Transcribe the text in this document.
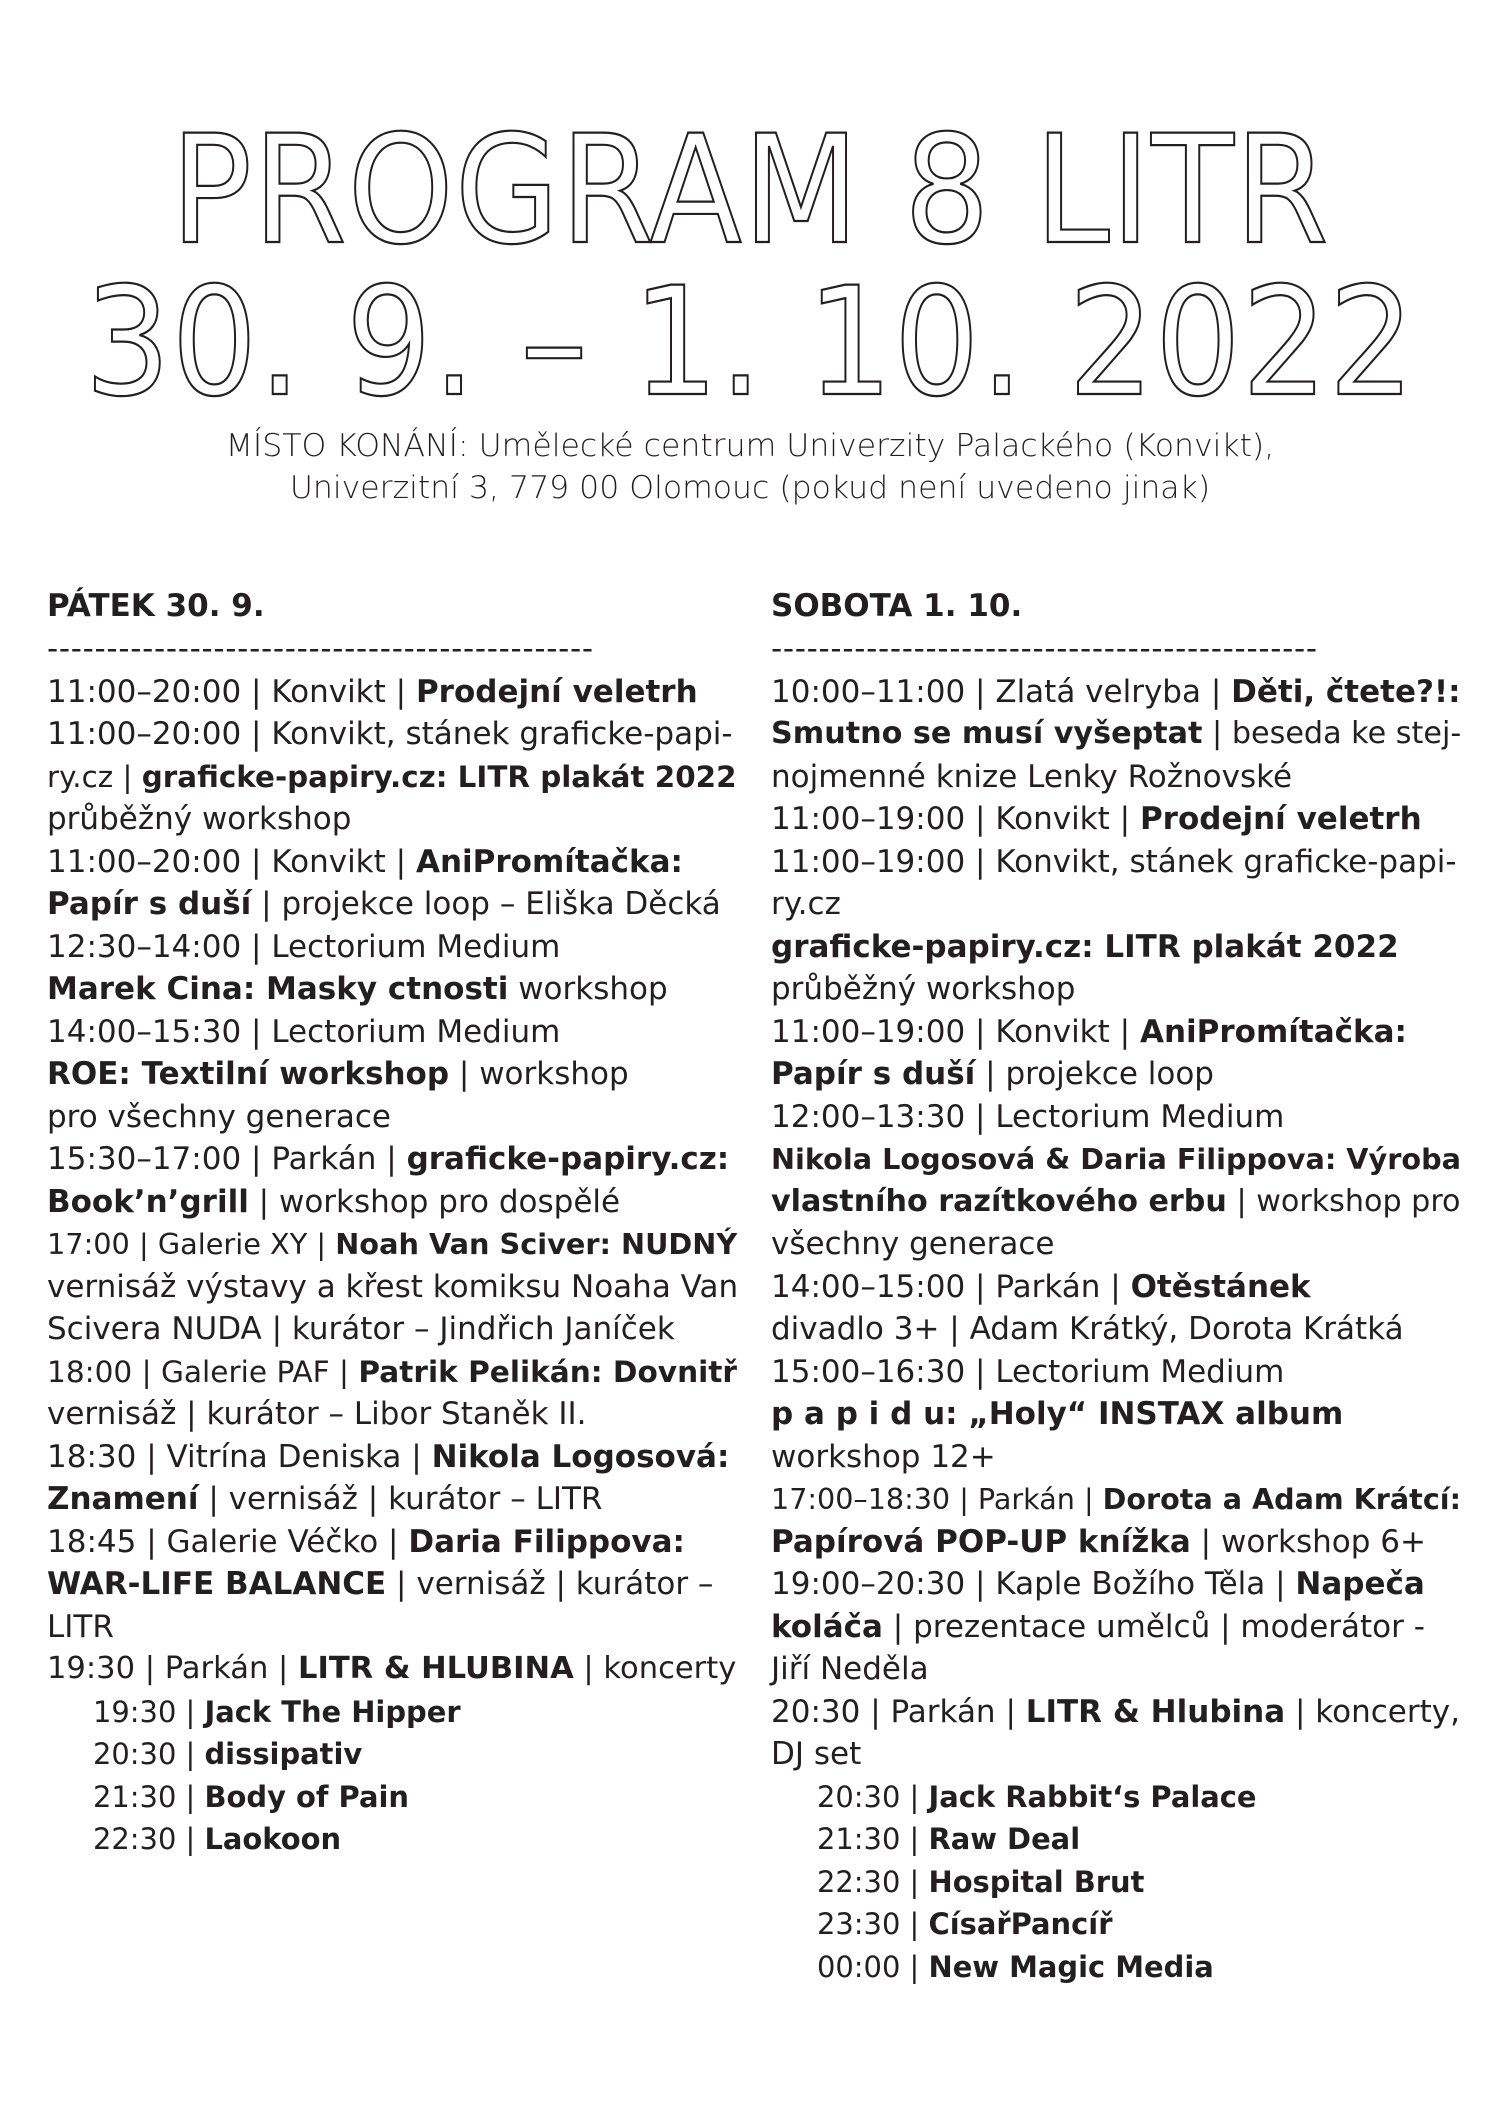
PROGRAM 8 LITR
30. 9. – 1. 10. 2022
MÍSTO KONÁNÍ: Umělecké centrum Univerzity Palackého (Konvikt),
Univerzitní 3, 779 00 Olomouc (pokud není uvedeno jinak)
PÁTEK 30. 9.
----------------------------------------------
11:00–20:00 | Konvikt | Prodejní veletrh
11:00–20:00 | Konvikt, stánek graficke-papi-
ry.cz | graficke-papiry.cz: LITR plakát 2022
průběžný workshop
11:00–20:00 | Konvikt | AniPromítačka:
Papír s duší | projekce loop – Eliška Děcká
12:30–14:00 | Lectorium Medium
Marek Cina: Masky ctnosti workshop
14:00–15:30 | Lectorium Medium
ROE: Textilní workshop | workshop
pro všechny generace
15:30–17:00 | Parkán | graficke-papiry.cz:
Book’n’grill | workshop pro dospělé
17:00 | Galerie XY | Noah Van Sciver: NUDNÝ
vernisáž výstavy a křest komiksu Noaha Van
Scivera NUDA | kurátor – Jindřich Janíček
18:00 | Galerie PAF | Patrik Pelikán: Dovnitř
vernisáž | kurátor – Libor Staněk II.
18:30 | Vitrína Deniska | Nikola Logosová:
Znamení | vernisáž | kurátor – LITR
18:45 | Galerie Véčko | Daria Filippova:
WAR-LIFE BALANCE | vernisáž | kurátor –
LITR
19:30 | Parkán | LITR & HLUBINA | koncerty
19:30 | Jack The Hipper
20:30 | dissipativ
21:30 | Body of Pain
22:30 | Laokoon
SOBOTA 1. 10.
----------------------------------------------
10:00–11:00 | Zlatá velryba | Děti, čtete?!:
Smutno se musí vyšeptat | beseda ke stej-
nojmenné knize Lenky Rožnovské
11:00–19:00 | Konvikt | Prodejní veletrh
11:00–19:00 | Konvikt, stánek graficke-papi-
ry.cz
graficke-papiry.cz: LITR plakát 2022
průběžný workshop
11:00–19:00 | Konvikt | AniPromítačka:
Papír s duší | projekce loop
12:00–13:30 | Lectorium Medium
Nikola Logosová & Daria Filippova: Výroba
vlastního razítkového erbu | workshop pro
všechny generace
14:00–15:00 | Parkán | Otěstánek
divadlo 3+ | Adam Krátký, Dorota Krátká
15:00–16:30 | Lectorium Medium
p a p i d u: „Holy“ INSTAX album
workshop 12+
17:00–18:30 | Parkán | Dorota a Adam Krátcí:
Papírová POP-UP knížka | workshop 6+
19:00–20:30 | Kaple Božího Těla | Napeča
koláča | prezentace umělců | moderátor -
Jiří Neděla
20:30 | Parkán | LITR & Hlubina | koncerty,
DJ set
20:30 | Jack Rabbit‘s Palace
21:30 | Raw Deal
22:30 | Hospital Brut
23:30 | CísařPancíř
00:00 | New Magic Media
